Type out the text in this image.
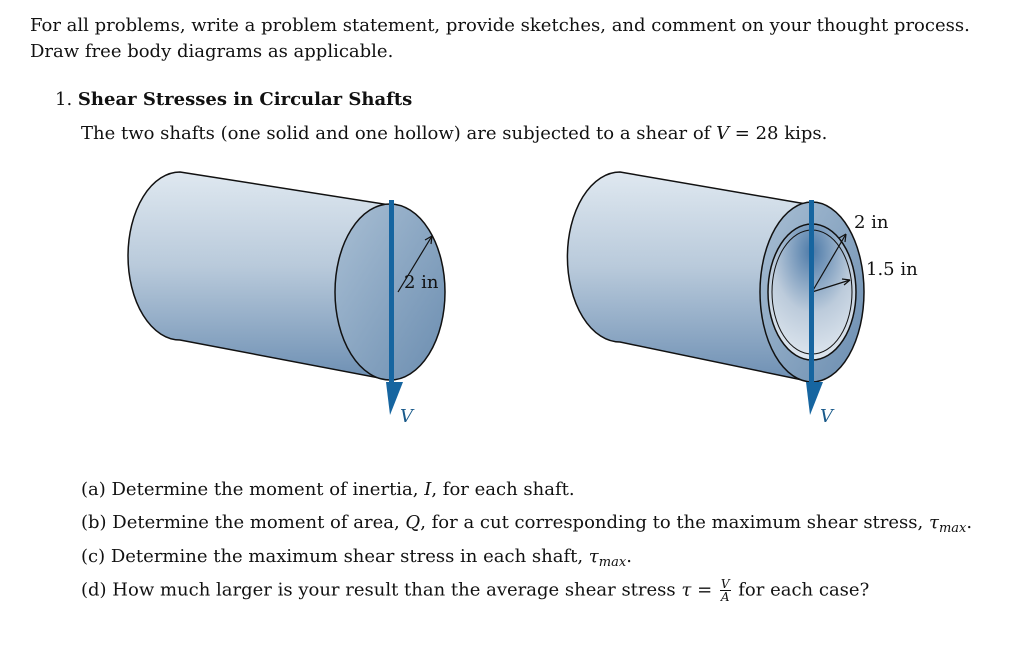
For all problems, write a problem statement, provide sketches, and comment on your thought process.
Draw free body diagrams as applicable.
1. Shear Stresses in Circular Shafts
The two shafts (one solid and one hollow) are subjected to a shear of V = 28 kips.
2 in
V
2 in
1.5 in
V
(a) Determine the moment of inertia, I, for each shaft.
(b) Determine the moment of area, Q, for a cut corresponding to the maximum shear stress, $\tau_{max}$.
(c) Determine the maximum shear stress in each shaft, $\tau_{max}$.
(d) How much larger is your result than the average shear stress $\tau = \frac{V}{A}$ for each case?
